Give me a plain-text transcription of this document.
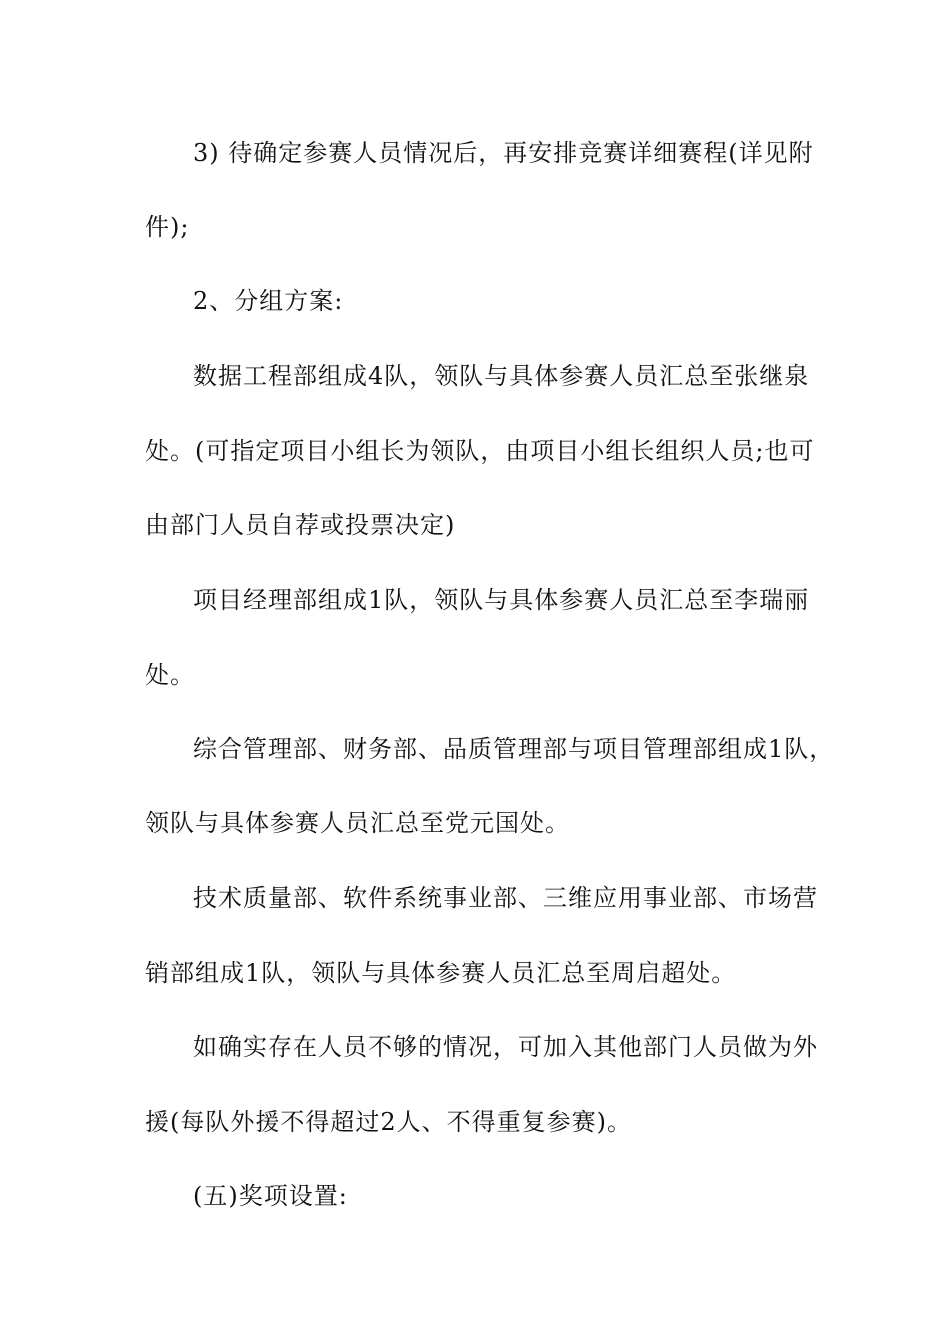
3) 待确定参赛人员情况后，再安排竞赛详细赛程(详见附
件);
2、分组方案:
数据工程部组成4队，领队与具体参赛人员汇总至张继泉
处。(可指定项目小组长为领队，由项目小组长组织人员;也可
由部门人员自荐或投票决定)
项目经理部组成1队，领队与具体参赛人员汇总至李瑞丽
处。
综合管理部、财务部、品质管理部与项目管理部组成1队，
领队与具体参赛人员汇总至党元国处。
技术质量部、软件系统事业部、三维应用事业部、市场营
销部组成1队，领队与具体参赛人员汇总至周启超处。
如确实存在人员不够的情况，可加入其他部门人员做为外
援(每队外援不得超过2人、不得重复参赛)。
(五)奖项设置:
